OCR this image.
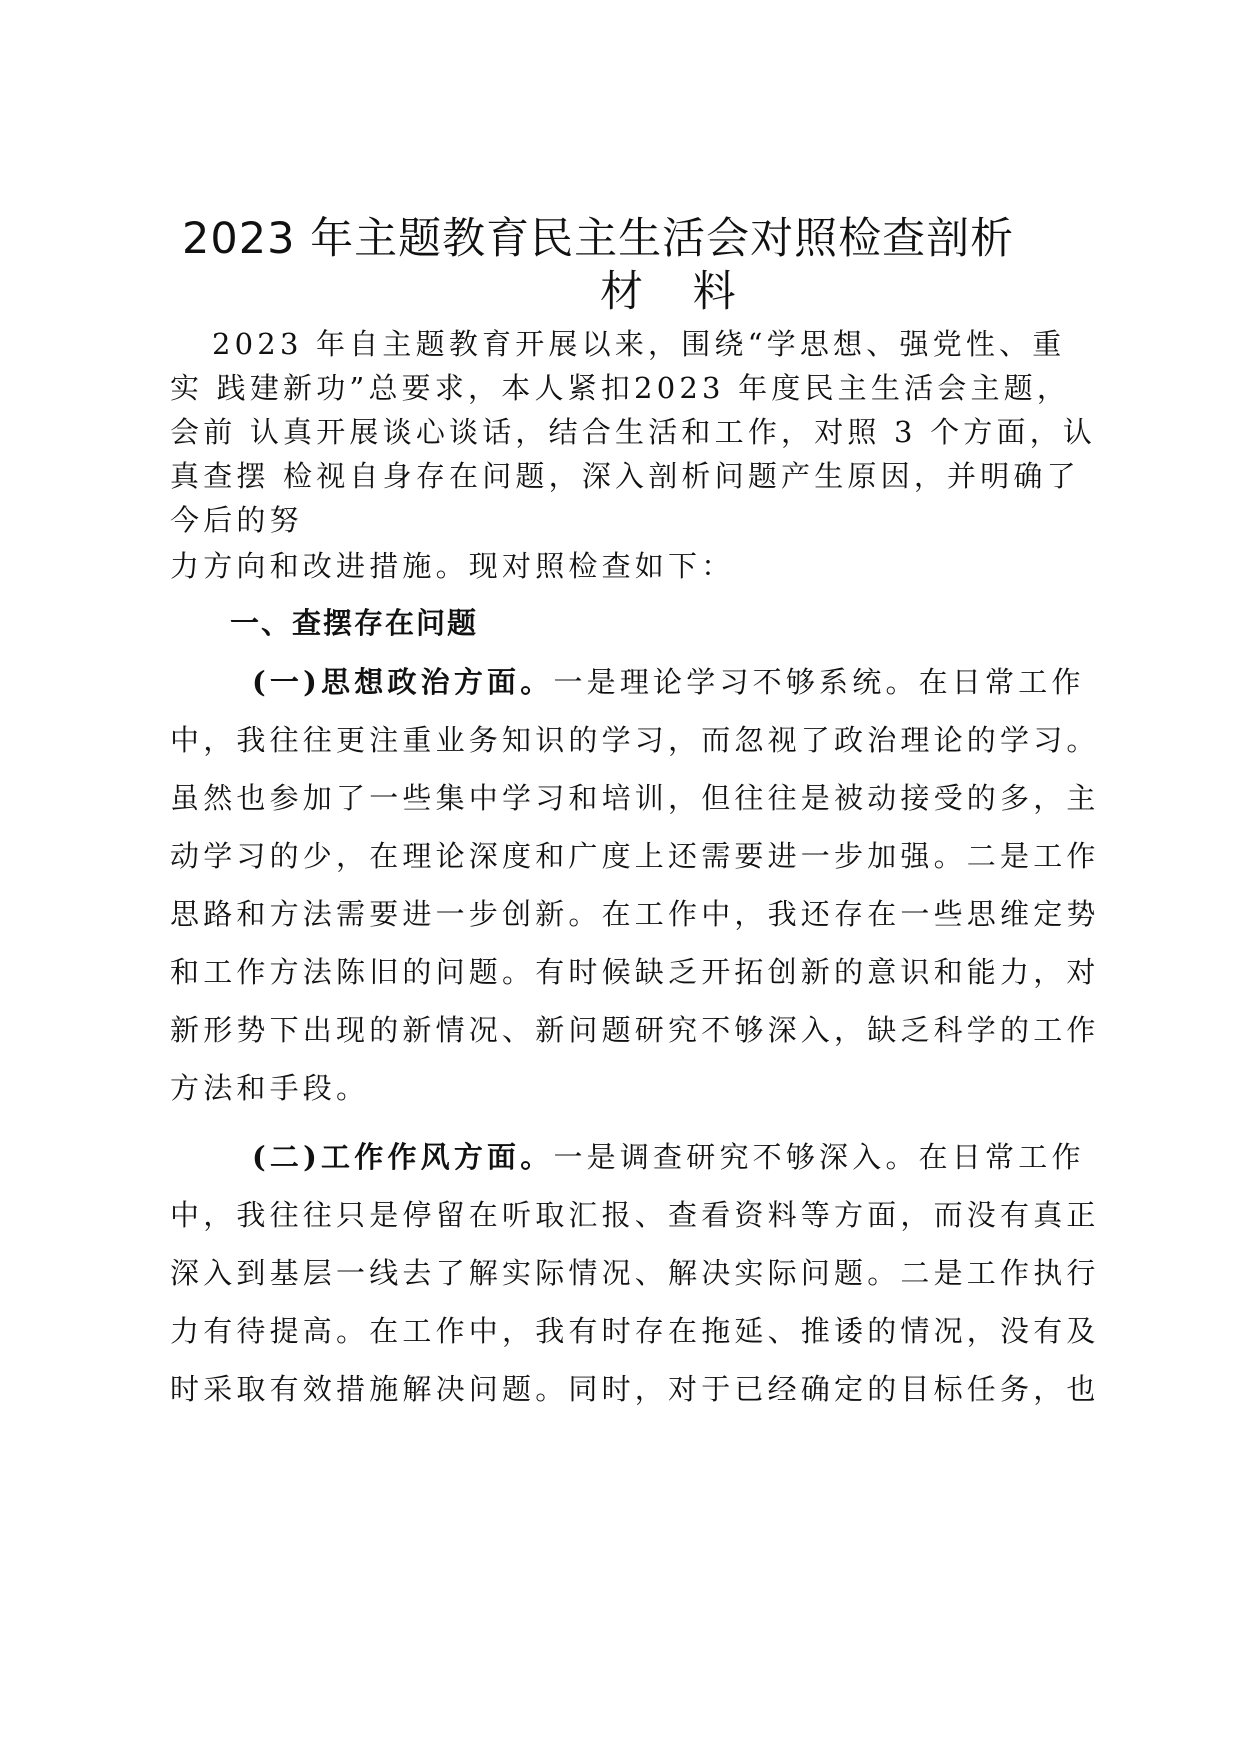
2023 年主题教育民主生活会对照检查剖析
材 料
2023 年自主题教育开展以来，围绕“学思想、强党性、重
实 践建新功”总要求，本人紧扣2023 年度民主生活会主题，
会前 认真开展谈心谈话，结合生活和工作，对照 3 个方面，认
真查摆 检视自身存在问题，深入剖析问题产生原因，并明确了
今后的努
力方向和改进措施。现对照检查如下：
一、查摆存在问题
(一)思想政治方面。一是理论学习不够系统。在日常工作
中，我往往更注重业务知识的学习，而忽视了政治理论的学习。
虽然也参加了一些集中学习和培训，但往往是被动接受的多，主
动学习的少，在理论深度和广度上还需要进一步加强。二是工作
思路和方法需要进一步创新。在工作中，我还存在一些思维定势
和工作方法陈旧的问题。有时候缺乏开拓创新的意识和能力，对
新形势下出现的新情况、新问题研究不够深入，缺乏科学的工作
方法和手段。
(二)工作作风方面。一是调查研究不够深入。在日常工作
中，我往往只是停留在听取汇报、查看资料等方面，而没有真正
深入到基层一线去了解实际情况、解决实际问题。二是工作执行
力有待提高。在工作中，我有时存在拖延、推诿的情况，没有及
时采取有效措施解决问题。同时，对于已经确定的目标任务，也
